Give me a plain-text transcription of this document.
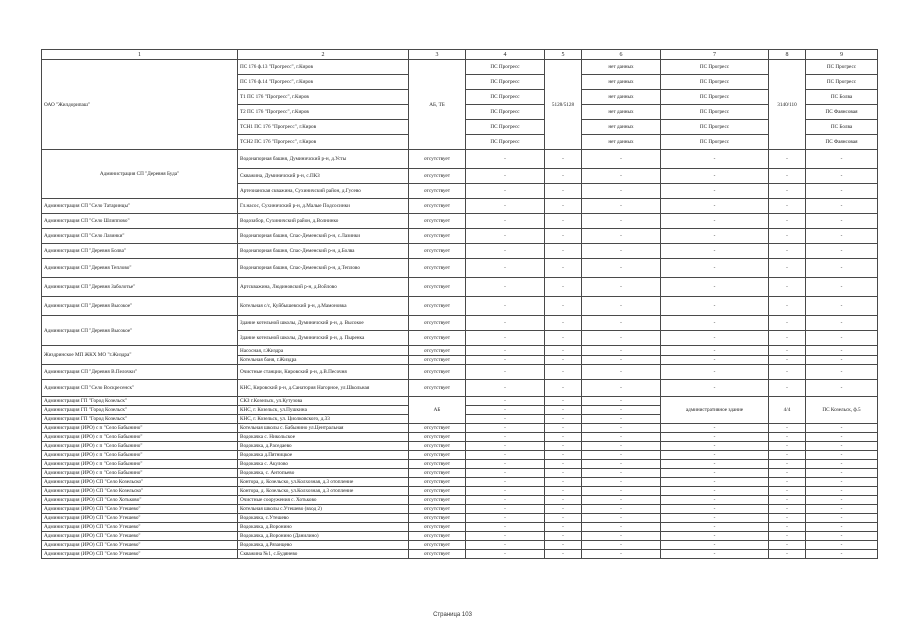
1	2	3	4	5	6	7	8	9
ОАО "Жилдорипаш"	ПС 176 ф.13 "Прогресс", г.Киров	АБ, ТБ	ПС Прогресс	5128/5128	нет данных	ПС Прогресс	3140/110	ПС Прогресс
	ПС 176 ф.14 "Прогресс", г.Киров		ПС Прогресс		нет данных	ПС Прогресс		ПС Прогресс
	Т1 ПС 176 "Прогресс", г.Киров		ПС Прогресс		нет данных	ПС Прогресс		ПС Болва
	Т2 ПС 176 "Прогресс", г.Киров		ПС Прогресс		нет данных	ПС Прогресс		ПС Фаянсовая
	ТСН1 ПС 176 "Прогресс", г.Киров		ПС Прогресс		нет данных	ПС Прогресс		ПС Болва
	ТСН2 ПС 176 "Прогресс", г.Киров		ПС Прогресс		нет данных	ПС Прогресс		ПС Фаянсовая
Администрация СП "Деревня Буда"	Водонапорная башня, Думиничский р-н, д.Усты	отсутствует	-	-	-	-	-	-
	Скважина, Думиничский р-н, с.ПКЗ	отсутствует	-	-	-	-	-	-
	Артезианская скважина, Сухиничский район, д.Гусево	отсутствует	-	-	-	-	-	-
Администрация СП "Село Татаринцы"	Гл.насос, Сухиничский р-н, д.Малые Подсосинки	отсутствует	-	-	-	-	-	-
Администрация СП "Село Шлиппово"	Водозабор, Сухиничский район, д.Волнинко	отсутствует	-	-	-	-	-	-
Администрация СП "Село Лазинки"	Водонапорная башня, Спас-Деменский р-н, с.Лазинки	отсутствует	-	-	-	-	-	-
Администрация СП "Деревня Болва"	Водонапорная башня, Спас-Деменский р-н, д.Болва	отсутствует	-	-	-	-	-	-
Администрация СП "Деревня Теплово"	Водонапорная башня, Спас-Деменский р-н, д.Теплово	отсутствует	-	-	-	-	-	-
Администрация СП "Деревня Заболотье"	Артскважина, Людиновский р-н, д.Войлово	отсутствует	-	-	-	-	-	-
Администрация СП "Деревня Высокое"	Котельная с/с, Куйбышевский р-н, д.Мамоновка	отсутствует	-	-	-	-	-	-
Администрация СП "Деревня Высокое"	Здание котельной школы, Думиничский р-н, д. Высокое	отсутствует	-	-	-	-	-	-
	Здание котельной школы, Думиничский р-н, д. Пыренка	отсутствует	-	-	-	-	-	-
Жиздринское МП ЖКХ МО "г.Жиздра"	Насосная, г.Жиздра	отсутствует	-	-	-	-	-	-
	Котельная баня, г.Жиздра	отсутствует	-	-	-	-	-	-
Администрация СП "Деревня В.Пелочки"	Очистные станции, Кировский р-н, д.В.Песочня	отсутствует	-	-	-	-	-	-
Администрация СП "Село Воскресенск"	КНС, Кировский р-н, д.Санатория Нагорное, ул.Школьная	отсутствует	-	-	-	-	-	-
Администрация ГП "Город Козельск"	СКЗ г.Козельск, ул.Кутузова	АБ	-	-	-	административное здание	4/4	ПС Козельск, ф.5
Администрация ГП "Город Козельск"	КНС, г. Козельск, ул.Пушкина		-	-	-			
Администрация ГП "Город Козельск"	КНС, г. Козельск, ул. Циолковского, д.33		-	-	-			
Администрация (ИРО) с п "Село Бабынино"	Котельная школы с. Бабынино ул.Центральная	отсутствует	-	-	-	-	-	-
Администрация (ИРО) с п "Село Бабынино"	Водокачка с. Никольское	отсутствует	-	-	-	-	-	-
Администрация (ИРО) с п "Село Бабынино"	Водокачка, д.Раседаево	отсутствует	-	-	-	-	-	-
Администрация (ИРО) с п "Село Бабынино"	Водокачка д.Пятницкое	отсутствует	-	-	-	-	-	-
Администрация (ИРО) с п "Село Бабынино"	Водокачка с. Акулово	отсутствует	-	-	-	-	-	-
Администрация (ИРО) с п "Село Бабынино"	Водокачка, с. Антопьево	отсутствует	-	-	-	-	-	-
Администрация (ИРО) СП "Село Козельско"	Контора, д. Козельско, ул.Колхозная, д.3 отопление	отсутствует	-	-	-	-	-	-
Администрация (ИРО) СП "Село Козельско"	Контора, д. Козельско, ул.Колхозная, д.3 отопление	отсутствует	-	-	-	-	-	-
Администрация (ИРО) СП "Село Хотьково"	Очистные сооружения с. Хотьково	отсутствует	-	-	-	-	-	-
Администрация (ИРО) СП "Село Утешево"	Котельная школы с.Утешево (вход 2)	отсутствует	-	-	-	-	-	-
Администрация (ИРО) СП "Село Утешево"	Водокачка, с.Утешево	отсутствует	-	-	-	-	-	-
Администрация (ИРО) СП "Село Утешево"	Водокачка, д.Воронино	отсутствует	-	-	-	-	-	-
Администрация (ИРО) СП "Село Утешево"	Водокачка, д.Воронино (Данилино)	отсутствует	-	-	-	-	-	-
Администрация (ИРО) СП "Село Утешево"	Водокачка, д.Рязанцево	отсутствует	-	-	-	-	-	-
Администрация (ИРО) СП "Село Утешево"	Скважина №1, с.Будянево	отсутствует	-	-	-	-	-	-
Страница 103
